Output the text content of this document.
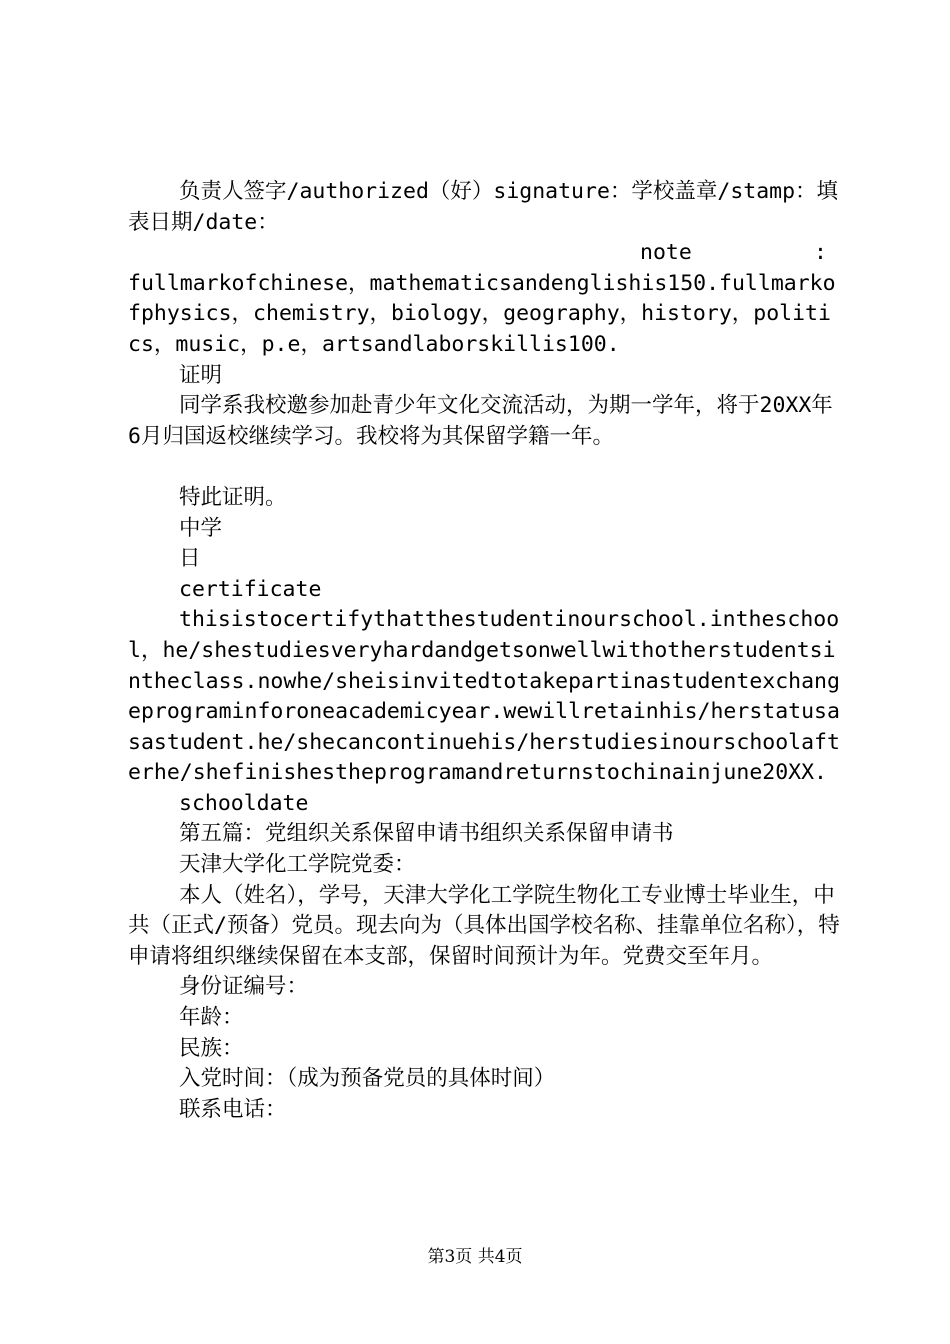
负责人签字/authorized（好）signature：学校盖章/stamp：填表日期/date：

note	:

fullmarkofchinese，mathematicsandenglishis150.fullmarkofphysics，chemistry，biology，geography，history，politics，music，p.e，artsandlaborskillis100.

证明

同学系我校邀参加赴青少年文化交流活动，为期一学年，将于20XX年6月归国返校继续学习。我校将为其保留学籍一年。

特此证明。

中学

日

certificate

thisistocertifythatthestudentinourschool.intheschool，he/shestudiesveryhardandgetsonwellwithotherstudentsintheclass.nowhe/sheisinvitedtotakepartinastudentexchangeprograminforoneacademicyear.wewillretainhis/herstatusasastudent.he/shecancontinuehis/herstudiesinourschoolafterhe/shefinishestheprogramandreturnstochinainjune20XX.

schooldate

第五篇：党组织关系保留申请书组织关系保留申请书

天津大学化工学院党委：

本人（姓名），学号，天津大学化工学院生物化工专业博士毕业生，中共（正式/预备）党员。现去向为（具体出国学校名称、挂靠单位名称），特申请将组织继续保留在本支部，保留时间预计为年。党费交至年月。

身份证编号：

年龄：

民族：

入党时间：（成为预备党员的具体时间）

联系电话：

第3页 共4页
